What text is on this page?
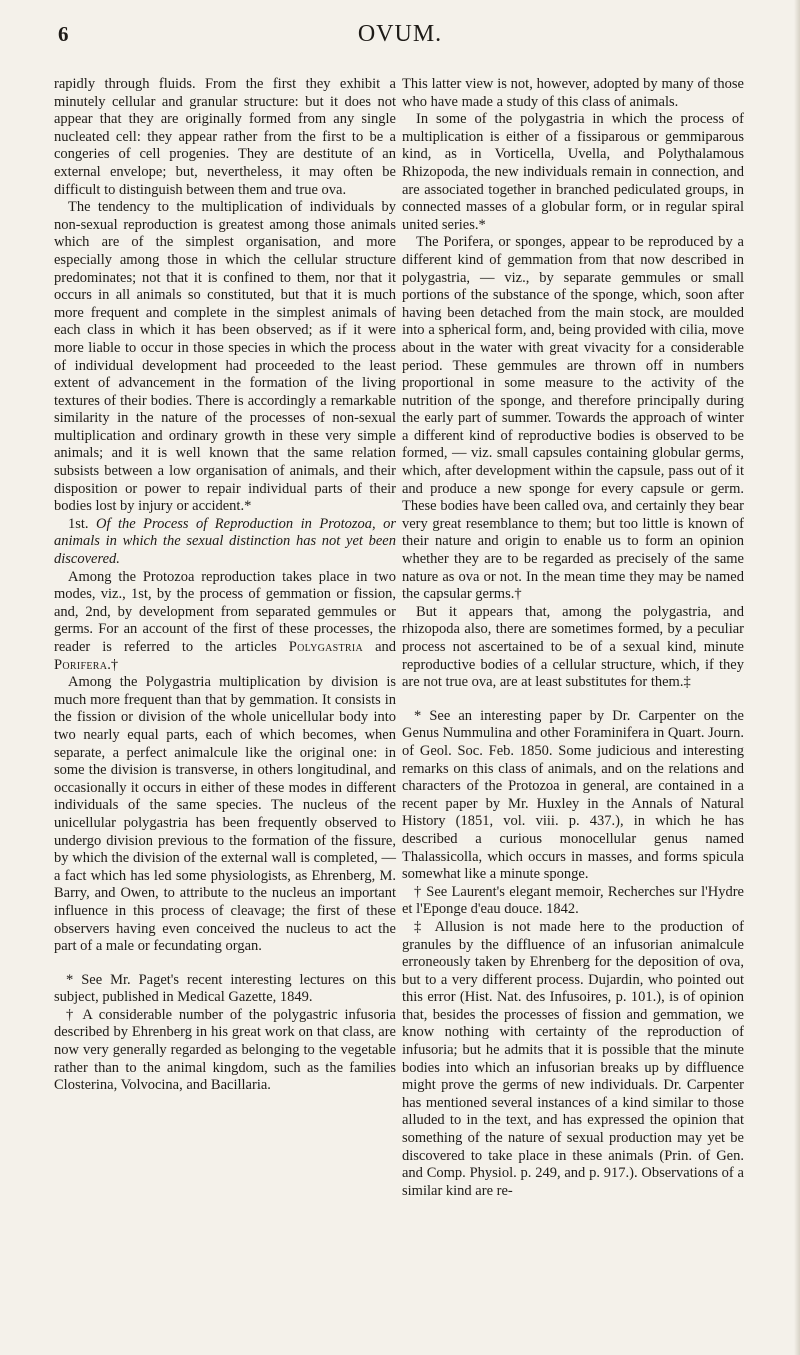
6	OVUM.

rapidly through fluids. From the first they exhibit a minutely cellular and granular structure: but it does not appear that they are originally formed from any single nucleated cell: they appear rather from the first to be a congeries of cell progenies. They are destitute of an external envelope; but, nevertheless, it may often be difficult to distinguish between them and true ova.

The tendency to the multiplication of individuals by non-sexual reproduction is greatest among those animals which are of the simplest organisation, and more especially among those in which the cellular structure predominates; not that it is confined to them, nor that it occurs in all animals so constituted, but that it is much more frequent and complete in the simplest animals of each class in which it has been observed; as if it were more liable to occur in those species in which the process of individual development had proceeded to the least extent of advancement in the formation of the living textures of their bodies. There is accordingly a remarkable similarity in the nature of the processes of non-sexual multiplication and ordinary growth in these very simple animals; and it is well known that the same relation subsists between a low organisation of animals, and their disposition or power to repair individual parts of their bodies lost by injury or accident.*

1st. Of the Process of Reproduction in Protozoa, or animals in which the sexual distinction has not yet been discovered.

Among the Protozoa reproduction takes place in two modes, viz., 1st, by the process of gemmation or fission, and, 2nd, by development from separated gemmules or germs. For an account of the first of these processes, the reader is referred to the articles Polygastria and Porifera.†

Among the Polygastria multiplication by division is much more frequent than that by gemmation. It consists in the fission or division of the whole unicellular body into two nearly equal parts, each of which becomes, when separate, a perfect animalcule like the original one: in some the division is transverse, in others longitudinal, and occasionally it occurs in either of these modes in different individuals of the same species. The nucleus of the unicellular polygastria has been frequently observed to undergo division previous to the formation of the fissure, by which the division of the external wall is completed, — a fact which has led some physiologists, as Ehrenberg, M. Barry, and Owen, to attribute to the nucleus an important influence in this process of cleavage; the first of these observers having even conceived the nucleus to act the part of a male or fecundating organ.

* See Mr. Paget's recent interesting lectures on this subject, published in Medical Gazette, 1849.

† A considerable number of the polygastric infusoria described by Ehrenberg in his great work on that class, are now very generally regarded as belonging to the vegetable rather than to the animal kingdom, such as the families Closterina, Volvocina, and Bacillaria.

This latter view is not, however, adopted by many of those who have made a study of this class of animals.

In some of the polygastria in which the process of multiplication is either of a fissiparous or gemmiparous kind, as in Vorticella, Uvella, and Polythalamous Rhizopoda, the new individuals remain in connection, and are associated together in branched pediculated groups, in connected masses of a globular form, or in regular spiral united series.*

The Porifera, or sponges, appear to be reproduced by a different kind of gemmation from that now described in polygastria, — viz., by separate gemmules or small portions of the substance of the sponge, which, soon after having been detached from the main stock, are moulded into a spherical form, and, being provided with cilia, move about in the water with great vivacity for a considerable period. These gemmules are thrown off in numbers proportional in some measure to the activity of the nutrition of the sponge, and therefore principally during the early part of summer. Towards the approach of winter a different kind of reproductive bodies is observed to be formed, — viz. small capsules containing globular germs, which, after development within the capsule, pass out of it and produce a new sponge for every capsule or germ. These bodies have been called ova, and certainly they bear very great resemblance to them; but too little is known of their nature and origin to enable us to form an opinion whether they are to be regarded as precisely of the same nature as ova or not. In the mean time they may be named the capsular germs.†

But it appears that, among the polygastria, and rhizopoda also, there are sometimes formed, by a peculiar process not ascertained to be of a sexual kind, minute reproductive bodies of a cellular structure, which, if they are not true ova, are at least substitutes for them.‡

* See an interesting paper by Dr. Carpenter on the Genus Nummulina and other Foraminifera in Quart. Journ. of Geol. Soc. Feb. 1850. Some judicious and interesting remarks on this class of animals, and on the relations and characters of the Protozoa in general, are contained in a recent paper by Mr. Huxley in the Annals of Natural History (1851, vol. viii. p. 437.), in which he has described a curious monocellular genus named Thalassicolla, which occurs in masses, and forms spicula somewhat like a minute sponge.

† See Laurent's elegant memoir, Recherches sur l'Hydre et l'Eponge d'eau douce. 1842.

‡ Allusion is not made here to the production of granules by the diffluence of an infusorian animalcule erroneously taken by Ehrenberg for the deposition of ova, but to a very different process. Dujardin, who pointed out this error (Hist. Nat. des Infusoires, p. 101.), is of opinion that, besides the processes of fission and gemmation, we know nothing with certainty of the reproduction of infusoria; but he admits that it is possible that the minute bodies into which an infusorian breaks up by diffluence might prove the germs of new individuals. Dr. Carpenter has mentioned several instances of a kind similar to those alluded to in the text, and has expressed the opinion that something of the nature of sexual production may yet be discovered to take place in these animals (Prin. of Gen. and Comp. Physiol. p. 249, and p. 917.). Observations of a similar kind are re-
